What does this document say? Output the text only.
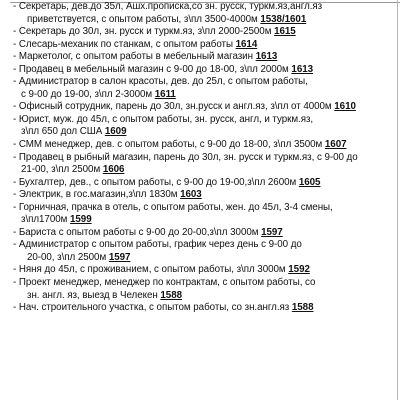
- Секретарь, дев.до 35л, Ашх.прописка,со зн. русск, туркм.яз,англ.яз
приветствуется, с опытом работы, з\пл 3500-4000м 1538/1601
- Секретарь до 30л, зн. русск и туркм.яз, з\пл 2000-2500м 1615
- Слесарь-механик по станкам, с опытом работы 1614
- Маркетолог, с опытом работы в мебельный магазин 1613
- Продавец в мебельный магазин с 9-00 до 18-00, з\пл 2000м 1613
- Администратор в салон красоты, дев. до 25л, с опытом работы,
с 9-00 до 19-00, з\пл 2-3000м 1611
- Офисный сотрудник, парень до 30л, зн.русск и англ.яз, з\пл от 4000м 1610
- Юрист, муж. до 45л, с опытом работы, зн. русск, англ, и туркм.яз,
з\пл 650 дол США 1609
- СММ менеджер, дев. с опытом работы, с 9-00 до 18-00, з\пл 3500м 1607
- Продавец в рыбный магазин, парень до 30л, зн. русск и туркм.яз, с 9-00 до
21-00, з\пл 2500м 1606
- Бухгалтер, дев., с опытом работы, с 9-00 до 19-00,з\пл 2600м 1605
- Электрик, в гос.магазин,з\пл 1830м 1603
- Горничная, прачка в отель, с опытом работы, жен. до 45л, 3-4 смены,
з\пл1700м 1599
- Бариста с опытом работы с 9-00 до 20-00,з\пл 3000м 1597
- Администратор с опытом работы, график через день с 9-00 до
20-00, з\пл 2500м 1597
- Няня до 45л, с проживанием, с опытом работы, з\пл 3000м 1592
- Проект менеджер, менеджер по контрактам, с опытом работы, со
зн. англ. яз, выезд в Челекен 1588
- Нач. строительного участка, с опытом работы, со зн.англ.яз 1588
